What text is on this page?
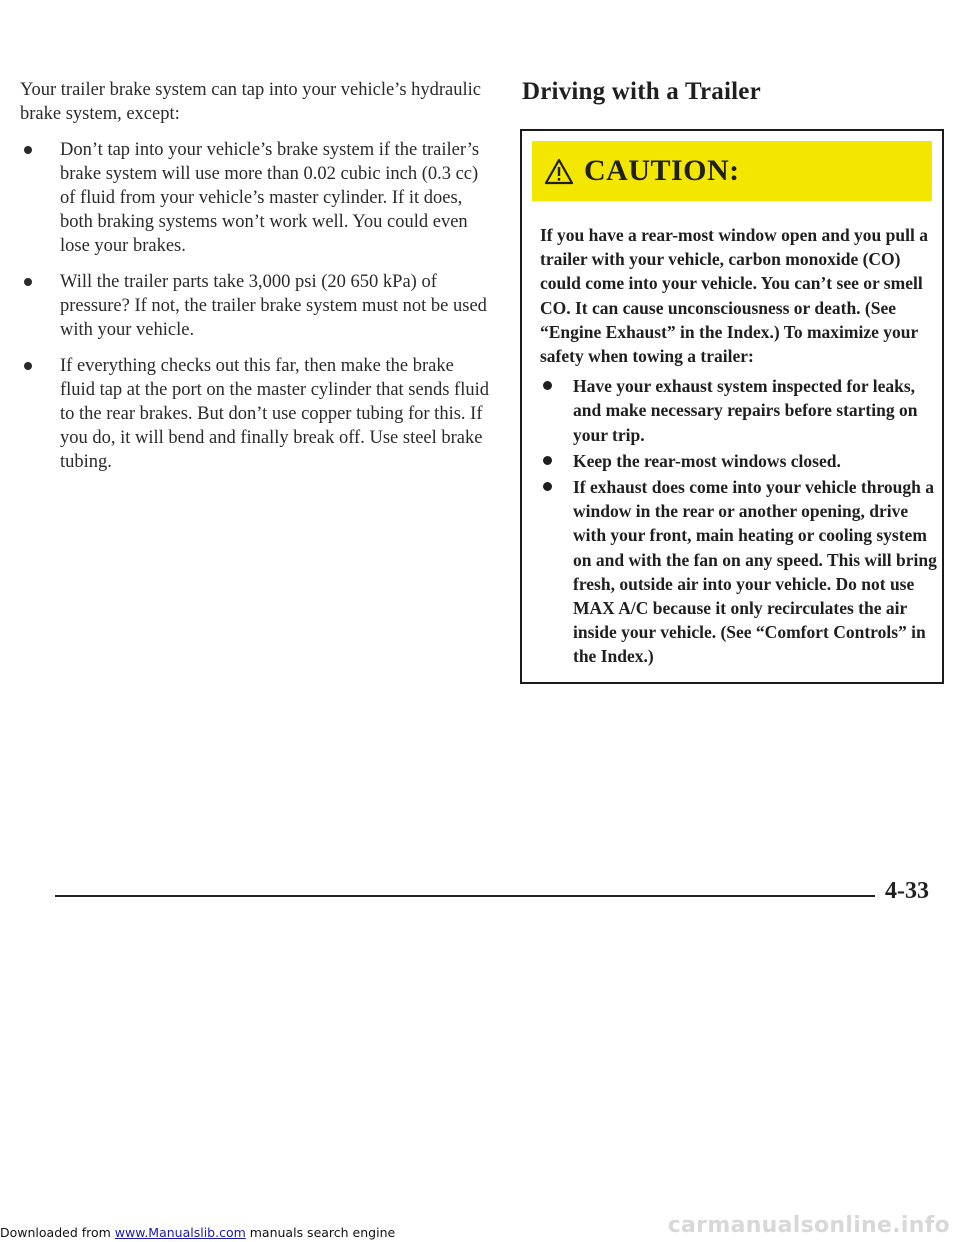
Your trailer brake system can tap into your vehicle’s hydraulic brake system, except:

Don’t tap into your vehicle’s brake system if the trailer’s brake system will use more than 0.02 cubic inch (0.3 cc) of fluid from your vehicle’s master cylinder. If it does, both braking systems won’t work well. You could even lose your brakes.
Will the trailer parts take 3,000 psi (20 650 kPa) of pressure? If not, the trailer brake system must not be used with your vehicle.
If everything checks out this far, then make the brake fluid tap at the port on the master cylinder that sends fluid to the rear brakes. But don’t use copper tubing for this. If you do, it will bend and finally break off. Use steel brake tubing.
Driving with a Trailer
CAUTION:

If you have a rear-most window open and you pull a trailer with your vehicle, carbon monoxide (CO) could come into your vehicle. You can’t see or smell CO. It can cause unconsciousness or death. (See “Engine Exhaust” in the Index.) To maximize your safety when towing a trailer:

Have your exhaust system inspected for leaks, and make necessary repairs before starting on your trip.
Keep the rear-most windows closed.
If exhaust does come into your vehicle through a window in the rear or another opening, drive with your front, main heating or cooling system on and with the fan on any speed. This will bring fresh, outside air into your vehicle. Do not use MAX A/C because it only recirculates the air inside your vehicle. (See “Comfort Controls” in the Index.)
4-33
Downloaded from www.Manualslib.com manuals search engine	carmanualsonline.info
